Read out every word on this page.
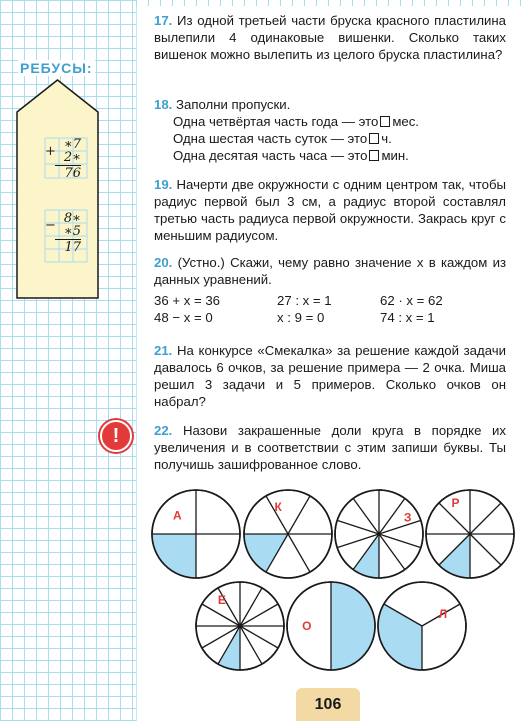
РЕБУСЫ:
+ ∗7
2∗
76
− 8∗
∗5
17
!
17. Из одной третьей части бруска красного пластилина вылепили 4 одинаковые вишенки. Сколько таких вишенок можно вылепить из целого бруска пластилина?
18. Заполни пропуски.
Одна четвёртая часть года — это мес.
Одна шестая часть суток — это ч.
Одна десятая часть часа — это мин.
19. Начерти две окружности с одним центром так, чтобы радиус первой был 3 см, а радиус второй составлял третью часть радиуса первой окружности. Закрась круг с меньшим радиусом.
20. (Устно.) Скажи, чему равно значение x в каждом из данных уравнений.
36 + x = 36	27 : x = 1	62 · x = 62
48 − x = 0	x : 9 = 0	74 : x = 1
21. На конкурсе «Смекалка» за решение каждой задачи давалось 6 очков, за решение примера — 2 очка. Миша решил 3 задачи и 5 примеров. Сколько очков он набрал?
22. Назови закрашенные доли круга в порядке их увеличения и в соответствии с этим запиши буквы. Ты получишь зашифрованное слово.
А
К
З
Р
Е
О
Л
106
